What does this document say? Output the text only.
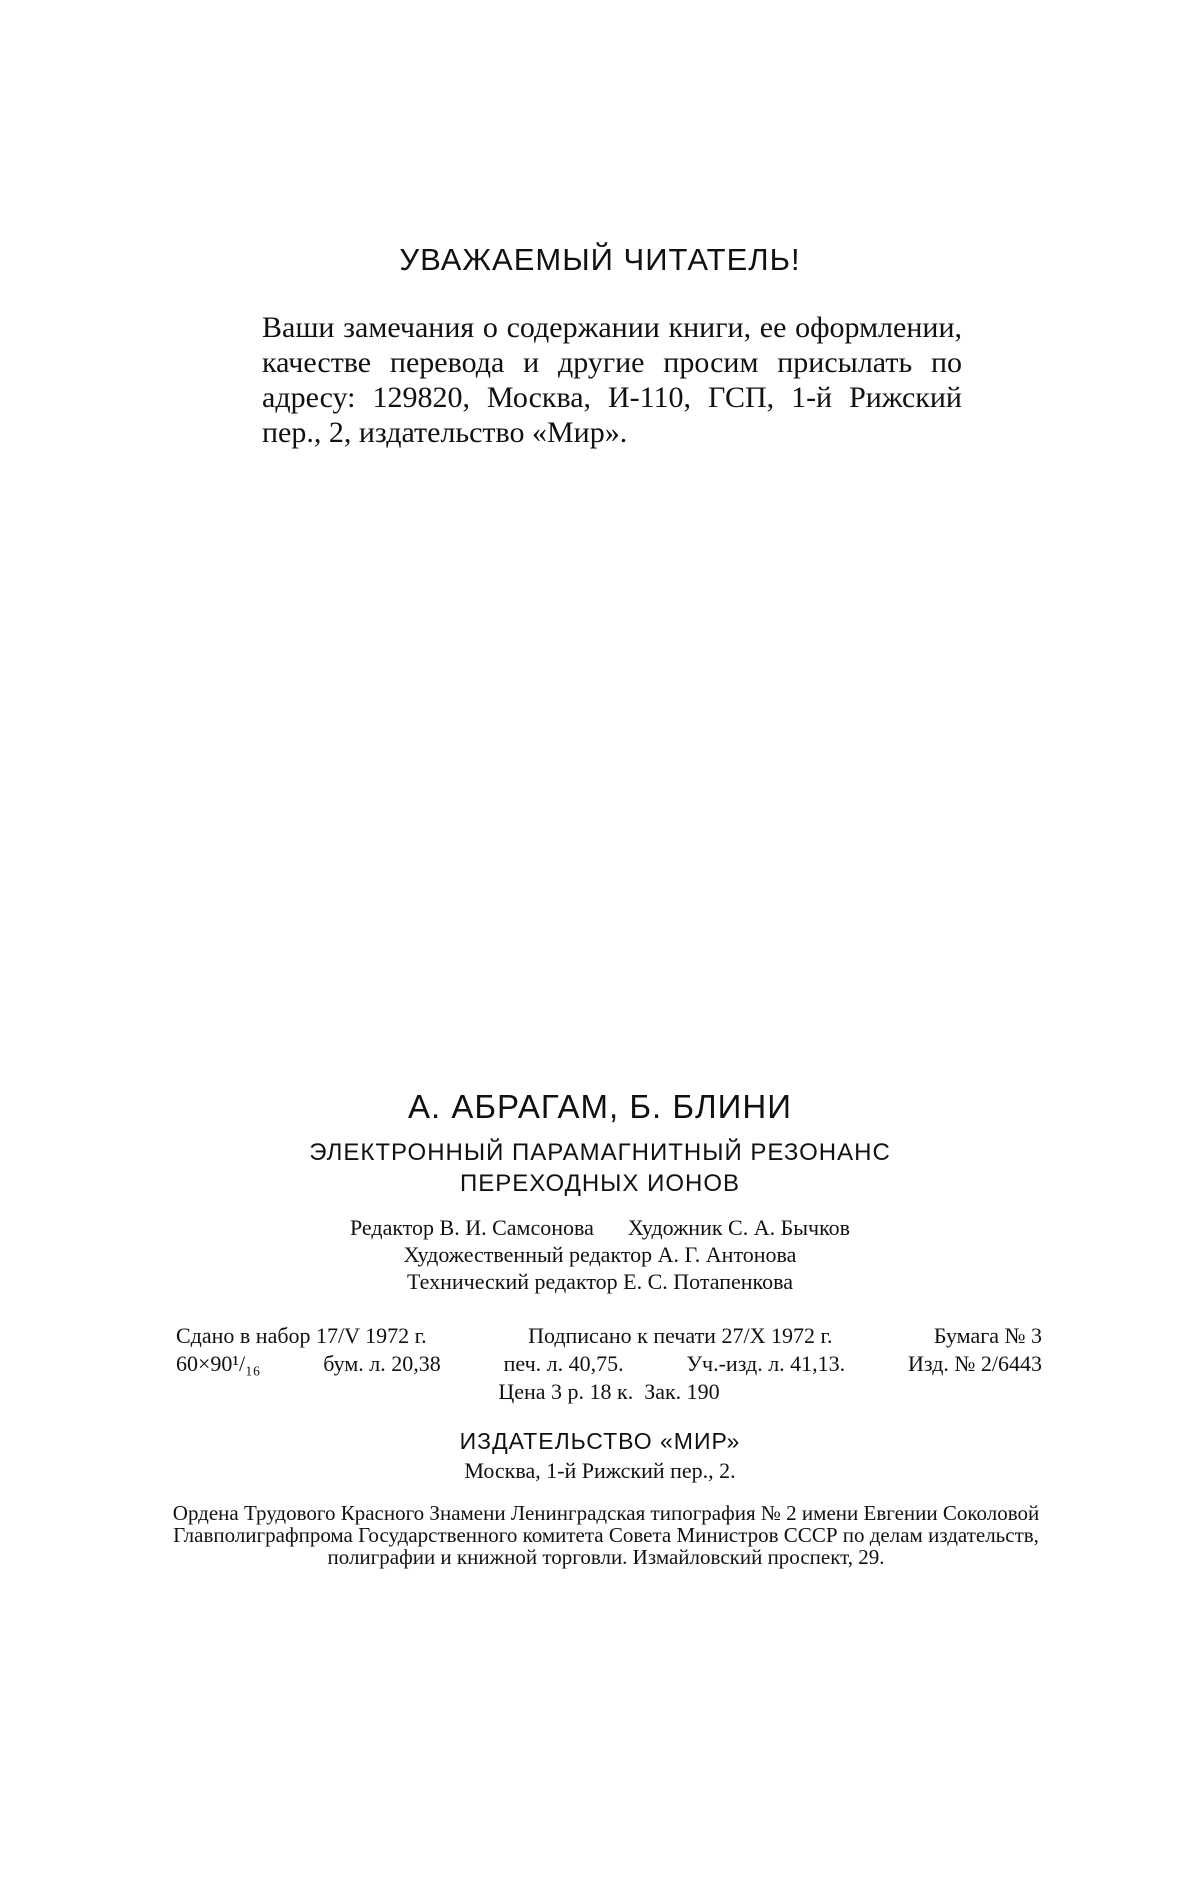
УВАЖАЕМЫЙ ЧИТАТЕЛЬ!
Ваши замечания о содержании книги, ее оформлении, качестве перевода и другие просим присылать по адресу: 129820, Москва, И-110, ГСП, 1-й Рижский пер., 2, издательство «Мир».
А. АБРАГАМ, Б. БЛИНИ
ЭЛЕКТРОННЫЙ ПАРАМАГНИТНЫЙ РЕЗОНАНС
ПЕРЕХОДНЫХ ИОНОВ
Редактор В. И. Самсонова Художник С. А. Бычков
Художественный редактор А. Г. Антонова
Технический редактор Е. С. Потапенкова
Сдано в набор 17/V 1972 г.	Подписано к печати 27/X 1972 г.	Бумага № 3
60×90¹/₁₆	бум. л. 20,38	печ. л. 40,75.	Уч.-изд. л. 41,13.	Изд. № 2/6443
Цена 3 р. 18 к. Зак. 190
ИЗДАТЕЛЬСТВО «МИР»
Москва, 1-й Рижский пер., 2.
Ордена Трудового Красного Знамени Ленинградская типография № 2 имени Евгении Соколовой Главполиграфпрома Государственного комитета Совета Министров СССР по делам издательств, полиграфии и книжной торговли. Измайловский проспект, 29.
